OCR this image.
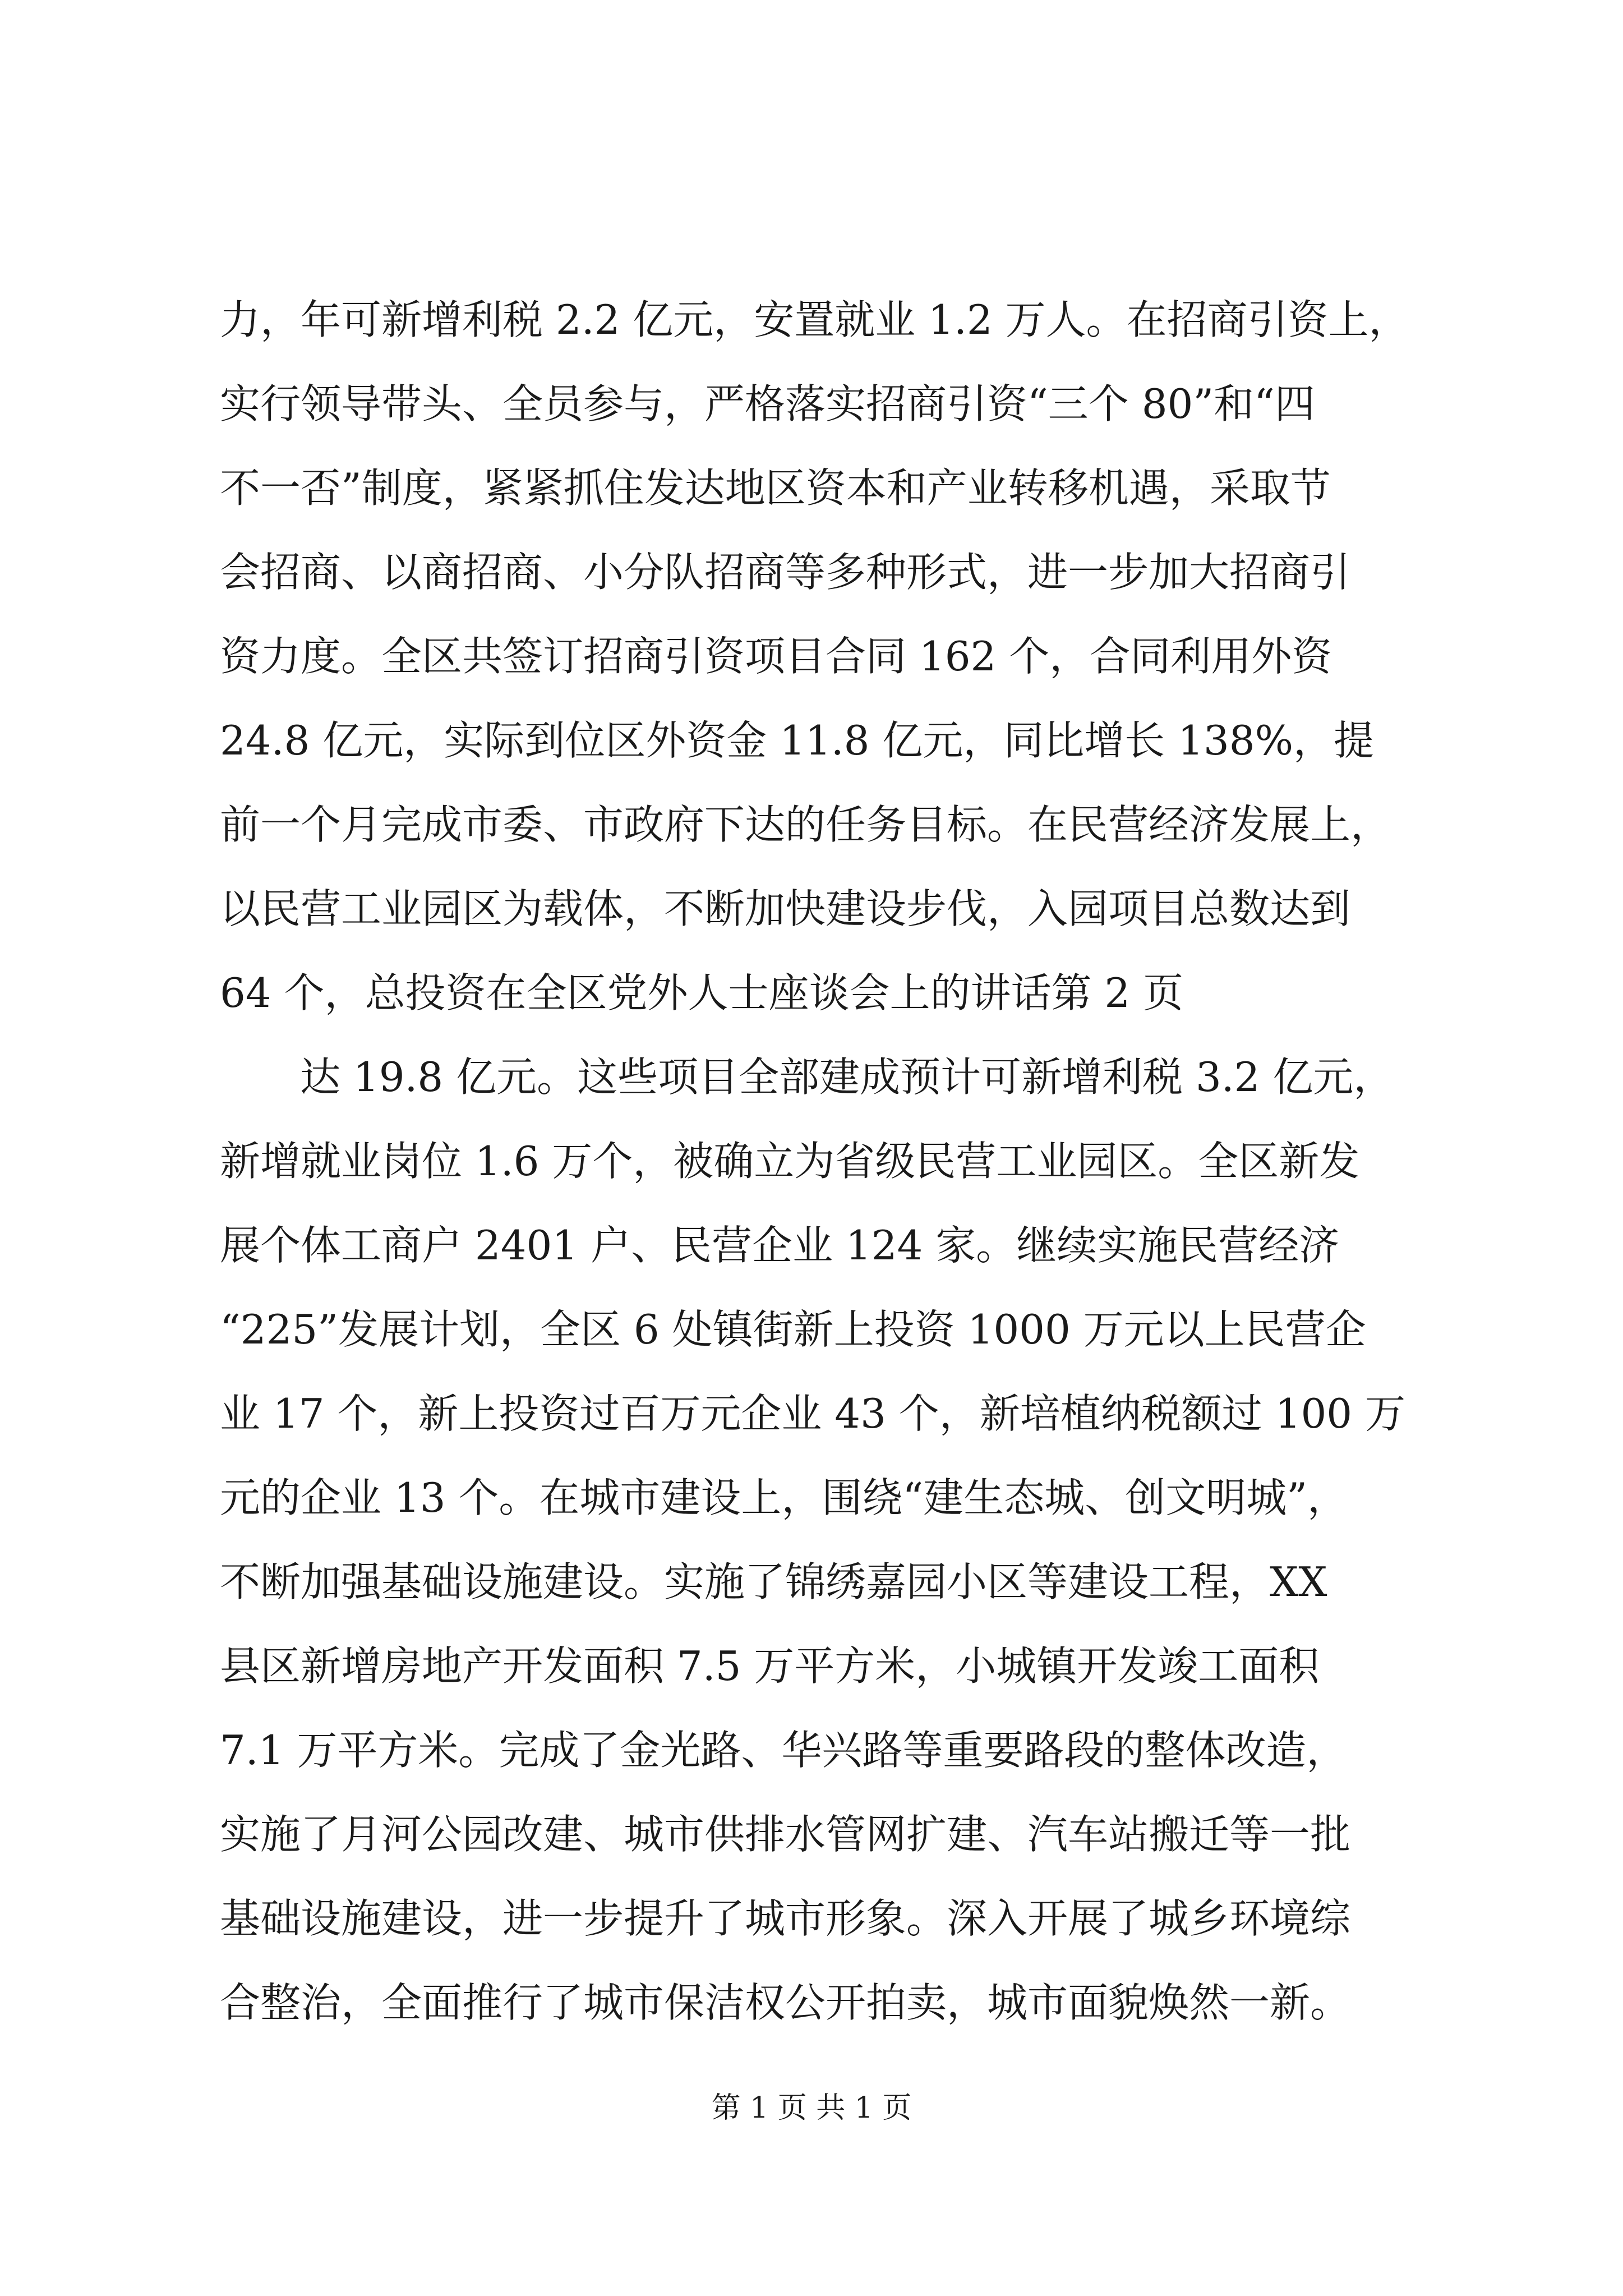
力，年可新增利税 2.2 亿元，安置就业 1.2 万人。在招商引资上，
实行领导带头、全员参与，严格落实招商引资“三个 80”和“四
不一否”制度，紧紧抓住发达地区资本和产业转移机遇，采取节
会招商、以商招商、小分队招商等多种形式，进一步加大招商引
资力度。全区共签订招商引资项目合同 162 个，合同利用外资
24.8 亿元，实际到位区外资金 11.8 亿元，同比增长 138%，提
前一个月完成市委、市政府下达的任务目标。在民营经济发展上，
以民营工业园区为载体，不断加快建设步伐，入园项目总数达到
64 个，总投资在全区党外人士座谈会上的讲话第 2 页
达 19.8 亿元。这些项目全部建成预计可新增利税 3.2 亿元，
新增就业岗位 1.6 万个，被确立为省级民营工业园区。全区新发
展个体工商户 2401 户、民营企业 124 家。继续实施民营经济
“225”发展计划，全区 6 处镇街新上投资 1000 万元以上民营企
业 17 个，新上投资过百万元企业 43 个，新培植纳税额过 100 万
元的企业 13 个。在城市建设上，围绕“建生态城、创文明城”，
不断加强基础设施建设。实施了锦绣嘉园小区等建设工程，XX
县区新增房地产开发面积 7.5 万平方米，小城镇开发竣工面积
7.1 万平方米。完成了金光路、华兴路等重要路段的整体改造，
实施了月河公园改建、城市供排水管网扩建、汽车站搬迁等一批
基础设施建设，进一步提升了城市形象。深入开展了城乡环境综
合整治，全面推行了城市保洁权公开拍卖，城市面貌焕然一新。
第 1 页 共 1 页
